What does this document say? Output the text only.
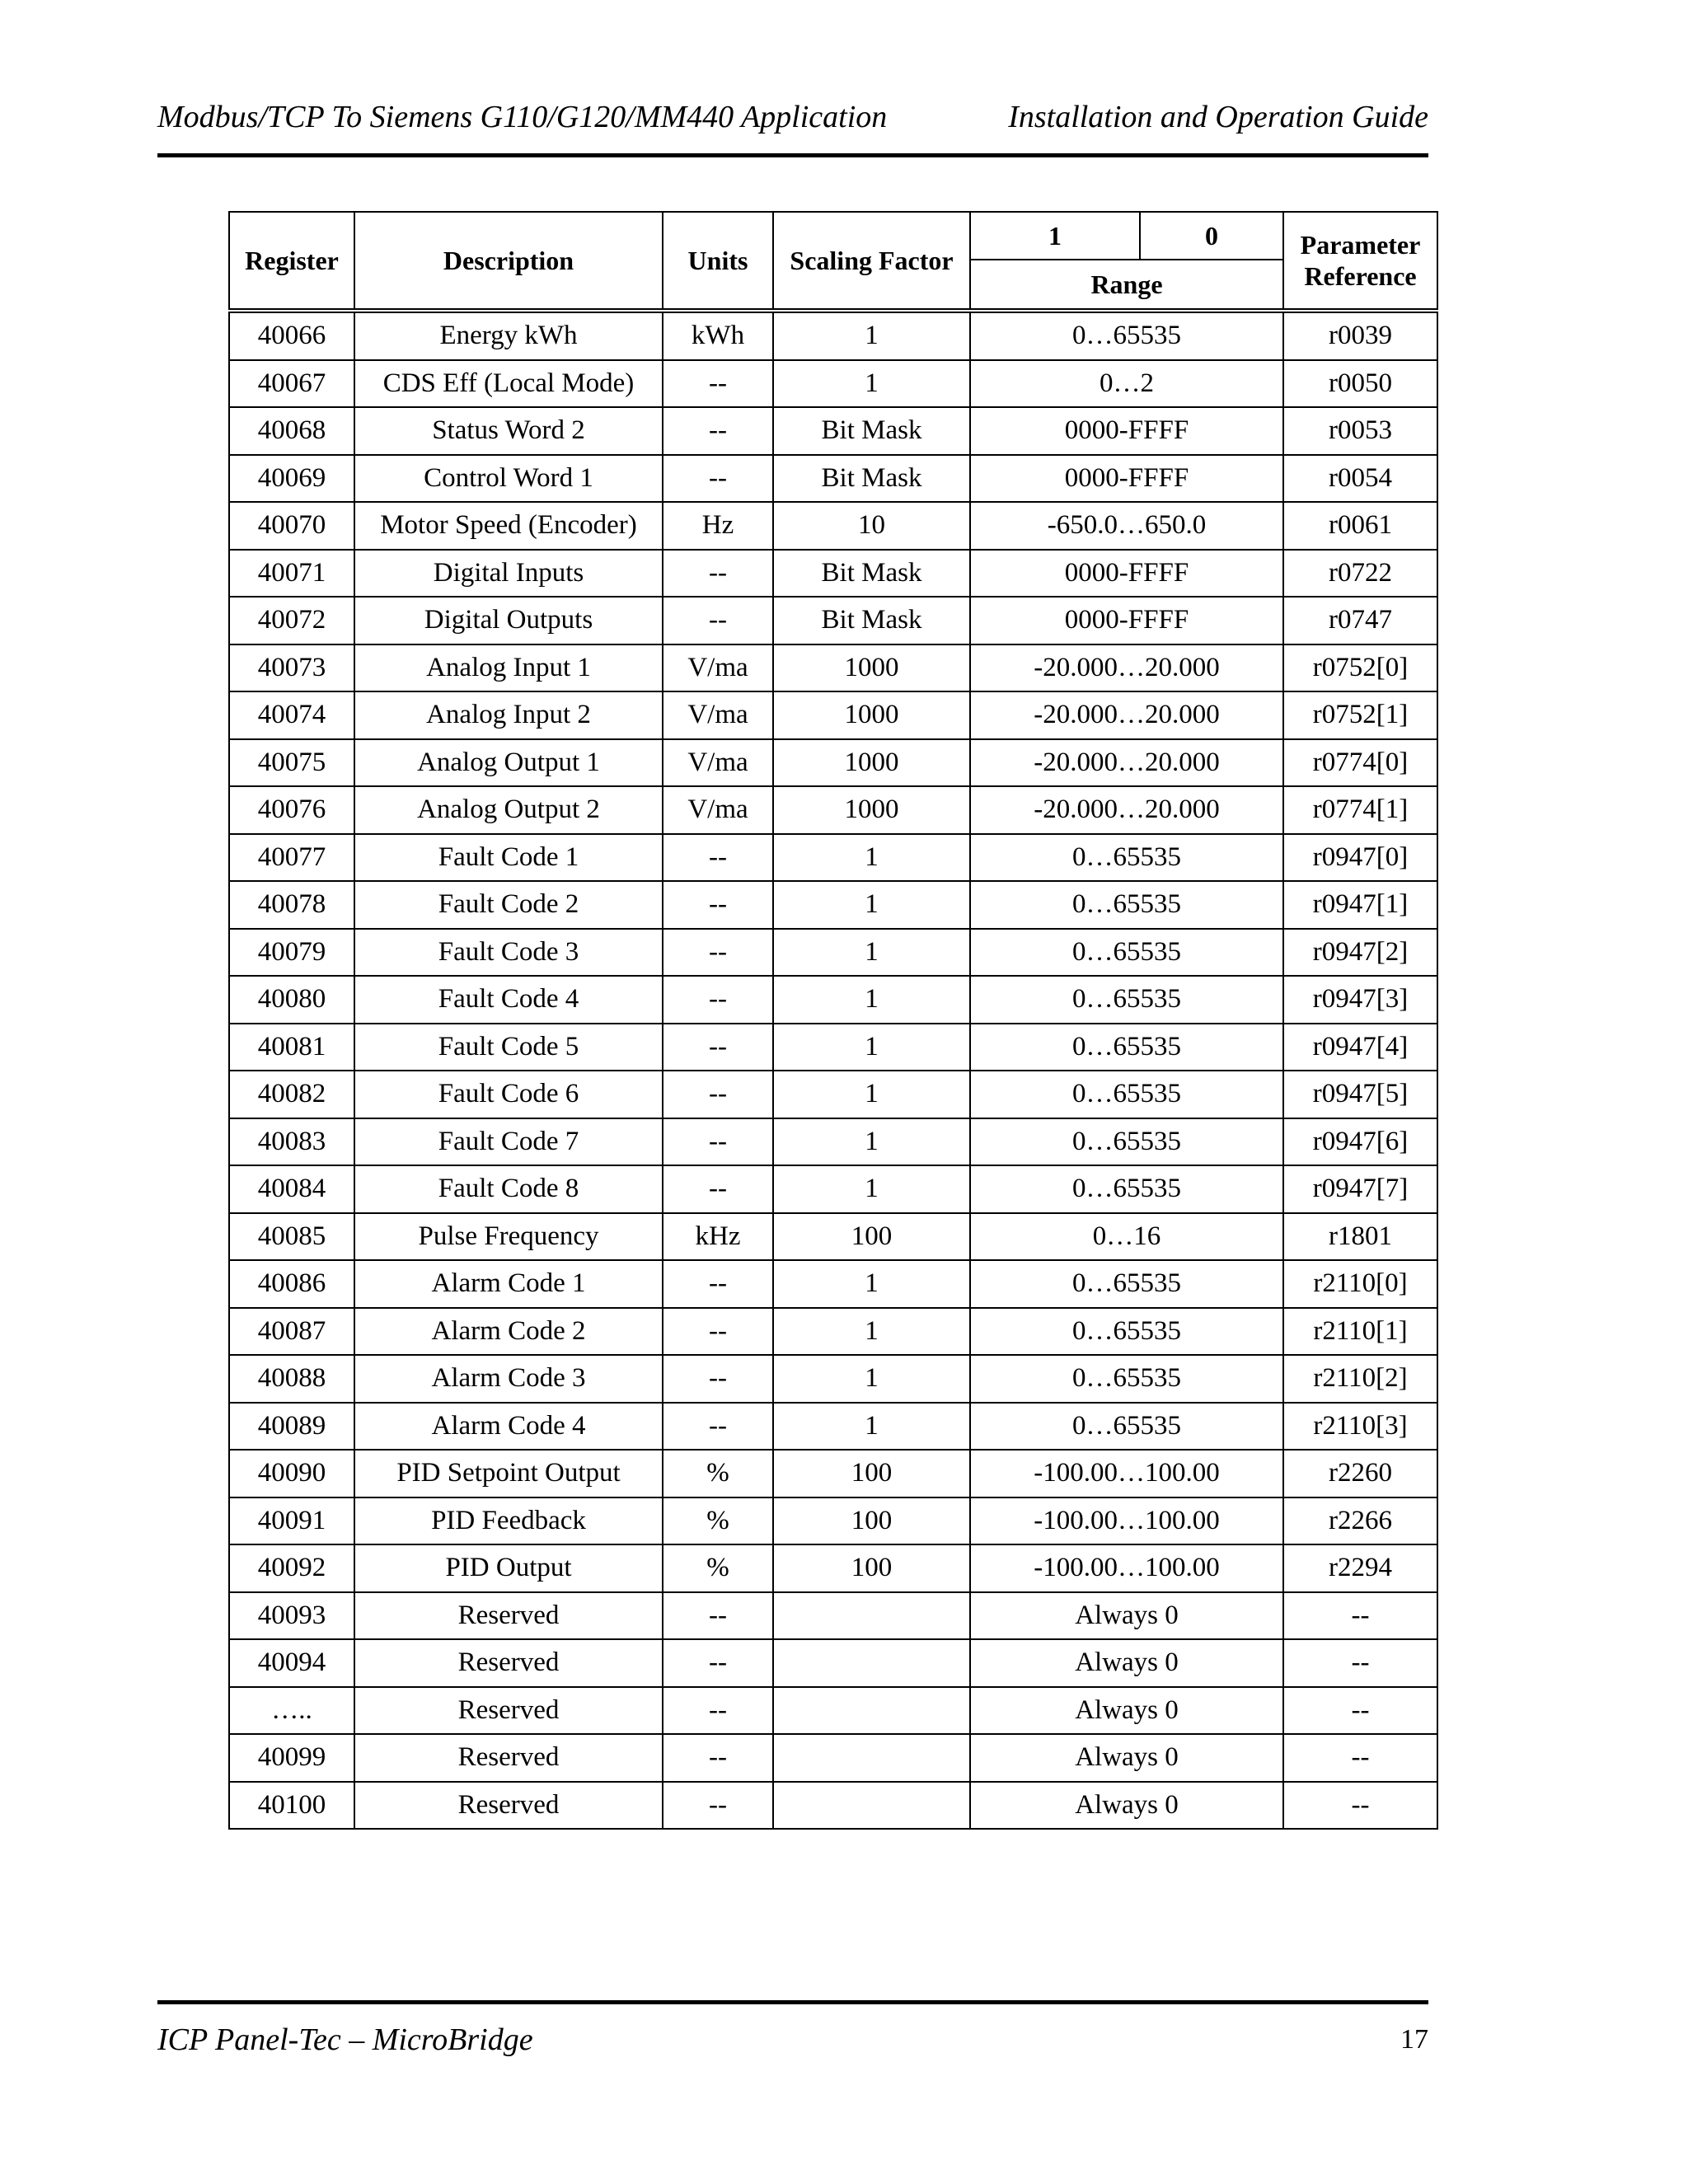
Modbus/TCP To Siemens G110/G120/MM440 Application	Installation and Operation Guide
Register	Description	Units	Scaling Factor	1	0	Parameter Reference
				Range		
40066	Energy kWh	kWh	1	0…65535		r0039
40067	CDS Eff (Local Mode)	--	1	0…2		r0050
40068	Status Word 2	--	Bit Mask	0000-FFFF		r0053
40069	Control Word 1	--	Bit Mask	0000-FFFF		r0054
40070	Motor Speed (Encoder)	Hz	10	-650.0…650.0		r0061
40071	Digital Inputs	--	Bit Mask	0000-FFFF		r0722
40072	Digital Outputs	--	Bit Mask	0000-FFFF		r0747
40073	Analog Input 1	V/ma	1000	-20.000…20.000		r0752[0]
40074	Analog Input 2	V/ma	1000	-20.000…20.000		r0752[1]
40075	Analog Output 1	V/ma	1000	-20.000…20.000		r0774[0]
40076	Analog Output 2	V/ma	1000	-20.000…20.000		r0774[1]
40077	Fault Code 1	--	1	0…65535		r0947[0]
40078	Fault Code 2	--	1	0…65535		r0947[1]
40079	Fault Code 3	--	1	0…65535		r0947[2]
40080	Fault Code 4	--	1	0…65535		r0947[3]
40081	Fault Code 5	--	1	0…65535		r0947[4]
40082	Fault Code 6	--	1	0…65535		r0947[5]
40083	Fault Code 7	--	1	0…65535		r0947[6]
40084	Fault Code 8	--	1	0…65535		r0947[7]
40085	Pulse Frequency	kHz	100	0…16		r1801
40086	Alarm Code 1	--	1	0…65535		r2110[0]
40087	Alarm Code 2	--	1	0…65535		r2110[1]
40088	Alarm Code 3	--	1	0…65535		r2110[2]
40089	Alarm Code 4	--	1	0…65535		r2110[3]
40090	PID Setpoint Output	%	100	-100.00…100.00		r2260
40091	PID Feedback	%	100	-100.00…100.00		r2266
40092	PID Output	%	100	-100.00…100.00		r2294
40093	Reserved	--		Always 0		--
40094	Reserved	--		Always 0		--
…..	Reserved	--		Always 0		--
40099	Reserved	--		Always 0		--
40100	Reserved	--		Always 0		--
ICP Panel-Tec – MicroBridge	17
